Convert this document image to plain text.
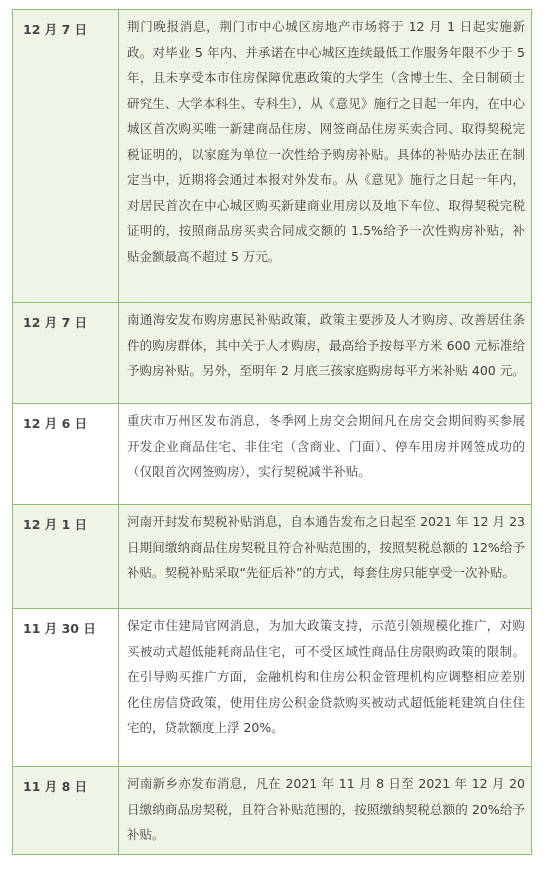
12 月 7 日	荆门晚报消息，荆门市中心城区房地产市场将于 12 月 1 日起实施新政。对毕业 5 年内、并承诺在中心城区连续最低工作服务年限不少于 5 年，且未享受本市住房保障优惠政策的大学生（含博士生、全日制硕士研究生、大学本科生、专科生），从《意见》施行之日起一年内，在中心城区首次购买唯一新建商品住房、网签商品住房买卖合同、取得契税完税证明的，以家庭为单位一次性给予购房补贴。具体的补贴办法正在制定当中，近期将会通过本报对外发布。从《意见》施行之日起一年内，对居民首次在中心城区购买新建商业用房以及地下车位、取得契税完税证明的，按照商品房买卖合同成交额的 1.5%给予一次性购房补贴，补贴金额最高不超过 5 万元。
12 月 7 日	南通海安发布购房惠民补贴政策，政策主要涉及人才购房、改善居住条件的购房群体，其中关于人才购房，最高给予按每平方米 600 元标准给予购房补贴。另外，至明年 2 月底三孩家庭购房每平方米补贴 400 元。
12 月 6 日	重庆市万州区发布消息，冬季网上房交会期间凡在房交会期间购买参展开发企业商品住宅、非住宅（含商业、门面）、停车用房并网签成功的（仅限首次网签购房），实行契税减半补贴。
12 月 1 日	河南开封发布契税补贴消息，自本通告发布之日起至 2021 年 12 月 23 日期间缴纳商品住房契税且符合补贴范围的，按照契税总额的 12%给予补贴。契税补贴采取“先征后补”的方式，每套住房只能享受一次补贴。
11 月 30 日	保定市住建局官网消息，为加大政策支持，示范引领规模化推广，对购买被动式超低能耗商品住宅，可不受区域性商品住房限购政策的限制。在引导购买推广方面，金融机构和住房公积金管理机构应调整相应差别化住房信贷政策，使用住房公积金贷款购买被动式超低能耗建筑自住住宅的，贷款额度上浮 20%。
11 月 8 日	河南新乡亦发布消息，凡在 2021 年 11 月 8 日至 2021 年 12 月 20 日缴纳商品房契税，且符合补贴范围的，按照缴纳契税总额的 20%给予补贴。
